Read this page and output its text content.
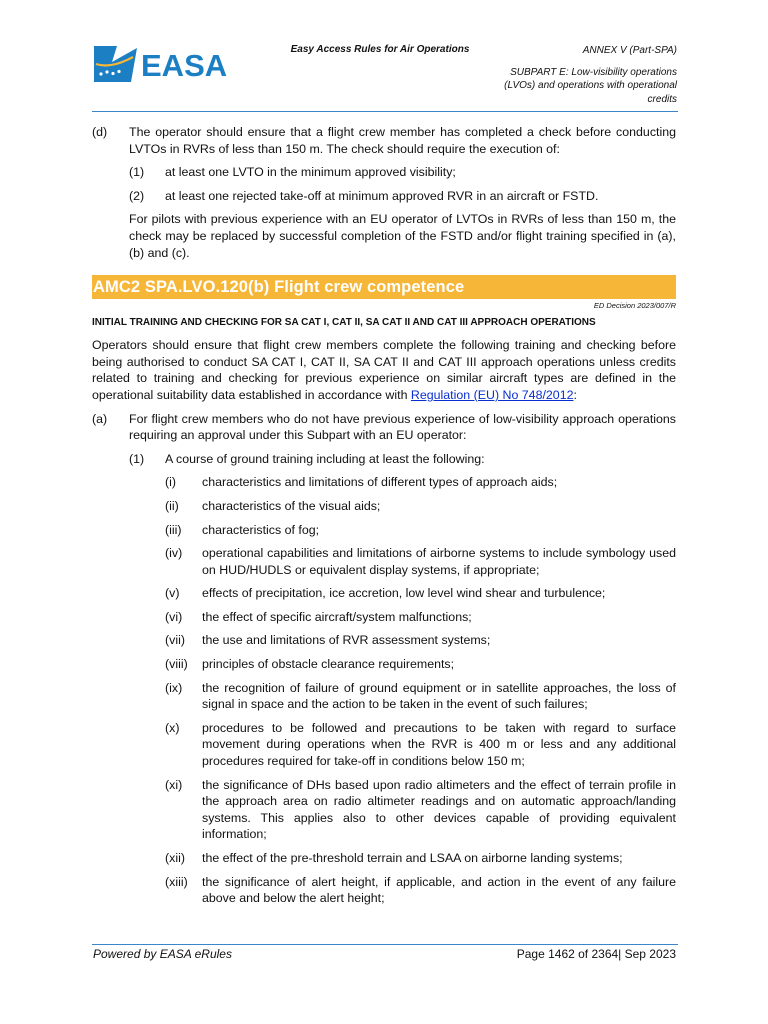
EASA	Easy Access Rules for Air Operations	ANNEX V (Part-SPA)
SUBPART E: Low-visibility operations
(LVOs) and operations with operational
credits
(d)	The operator should ensure that a flight crew member has completed a check before conducting LVTOs in RVRs of less than 150 m. The check should require the execution of:
(1)	at least one LVTO in the minimum approved visibility;
(2)	at least one rejected take-off at minimum approved RVR in an aircraft or FSTD.
For pilots with previous experience with an EU operator of LVTOs in RVRs of less than 150 m, the check may be replaced by successful completion of the FSTD and/or flight training specified in (a), (b) and (c).
AMC2 SPA.LVO.120(b) Flight crew competence
ED Decision 2023/007/R
INITIAL TRAINING AND CHECKING FOR SA CAT I, CAT II, SA CAT II AND CAT III APPROACH OPERATIONS
Operators should ensure that flight crew members complete the following training and checking before being authorised to conduct SA CAT I, CAT II, SA CAT II and CAT III approach operations unless credits related to training and checking for previous experience on similar aircraft types are defined in the operational suitability data established in accordance with Regulation (EU) No 748/2012:
(a)	For flight crew members who do not have previous experience of low-visibility approach operations requiring an approval under this Subpart with an EU operator:
(1)	A course of ground training including at least the following:
(i)	characteristics and limitations of different types of approach aids;
(ii)	characteristics of the visual aids;
(iii)	characteristics of fog;
(iv)	operational capabilities and limitations of airborne systems to include symbology used on HUD/HUDLS or equivalent display systems, if appropriate;
(v)	effects of precipitation, ice accretion, low level wind shear and turbulence;
(vi)	the effect of specific aircraft/system malfunctions;
(vii)	the use and limitations of RVR assessment systems;
(viii)	principles of obstacle clearance requirements;
(ix)	the recognition of failure of ground equipment or in satellite approaches, the loss of signal in space and the action to be taken in the event of such failures;
(x)	procedures to be followed and precautions to be taken with regard to surface movement during operations when the RVR is 400 m or less and any additional procedures required for take-off in conditions below 150 m;
(xi)	the significance of DHs based upon radio altimeters and the effect of terrain profile in the approach area on radio altimeter readings and on automatic approach/landing systems. This applies also to other devices capable of providing equivalent information;
(xii)	the effect of the pre-threshold terrain and LSAA on airborne landing systems;
(xiii)	the significance of alert height, if applicable, and action in the event of any failure above and below the alert height;
Powered by EASA eRules	Page 1462 of 2364| Sep 2023
